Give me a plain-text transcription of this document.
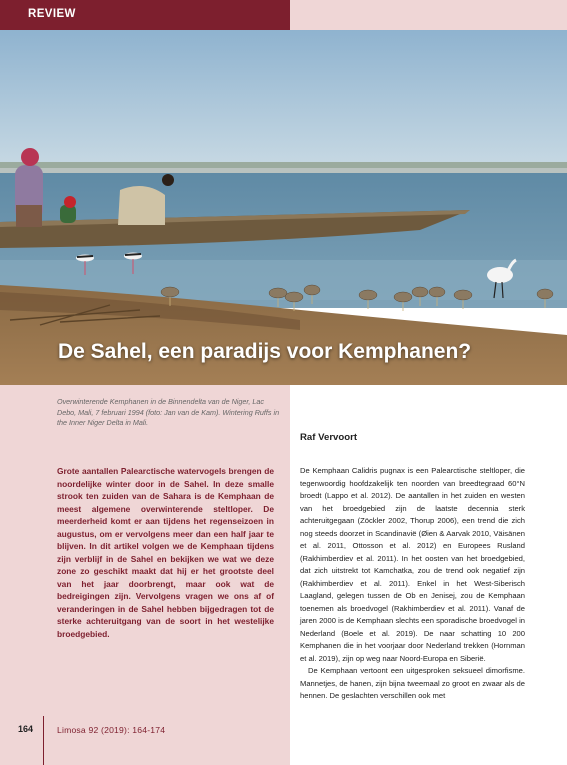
REVIEW
De Sahel, een paradijs voor Kemphanen?
Overwinterende Kemphanen in de Binnendelta van de Niger, Lac Debo, Mali, 7 februari 1994 (foto: Jan van de Kam). Wintering Ruffs in the Inner Niger Delta in Mali.
Grote aantallen Palearctische watervogels brengen de noordelijke winter door in de Sahel. In deze smalle strook ten zuiden van de Sahara is de Kemphaan de meest algemene overwinterende steltloper. De meerderheid komt er aan tijdens het regenseizoen in augustus, om er vervolgens meer dan een half jaar te blijven. In dit artikel volgen we de Kemphaan tijdens zijn verblijf in de Sahel en bekijken we wat we deze zone zo geschikt maakt dat hij er het grootste deel van het jaar doorbrengt, maar ook wat de bedreigingen zijn. Vervolgens vragen we ons af of veranderingen in de Sahel hebben bijgedragen tot de sterke achteruitgang van de soort in het westelijke broedgebied.
Raf Vervoort

De Kemphaan Calidris pugnax is een Palearctische steltloper, die tegenwoordig hoofdzakelijk ten noorden van breedtegraad 60°N broedt (Lappo et al. 2012). De aantallen in het zuiden en westen van het broedgebied zijn de laatste decennia sterk achteruitgegaan (Zöckler 2002, Thorup 2006), een trend die zich nog steeds doorzet in Scandinavië (Øien & Aarvak 2010, Väisänen et al. 2011, Ottosson et al. 2012) en Europees Rusland (Rakhimberdiev et al. 2011). In het oosten van het broedgebied, dat zich uitstrekt tot Kamchatka, zou de trend ook negatief zijn (Rakhimberdiev et al. 2011). Enkel in het West-Siberisch Laagland, gelegen tussen de Ob en Jenisej, zou de Kemphaan toenemen als broedvogel (Rakhimberdiev et al. 2011). Vanaf de jaren 2000 is de Kemphaan slechts een sporadische broedvogel in Nederland (Boele et al. 2019). De naar schatting 10 200 Kemphanen die in het voorjaar door Nederland trekken (Hornman et al. 2019), zijn op weg naar Noord-Europa en Siberië.

De Kemphaan vertoont een uitgesproken seksueel dimorfisme. Mannetjes, de hanen, zijn bijna tweemaal zo groot en zwaar als de hennen. De geslachten verschillen ook met

164	Limosa 92 (2019): 164-174
